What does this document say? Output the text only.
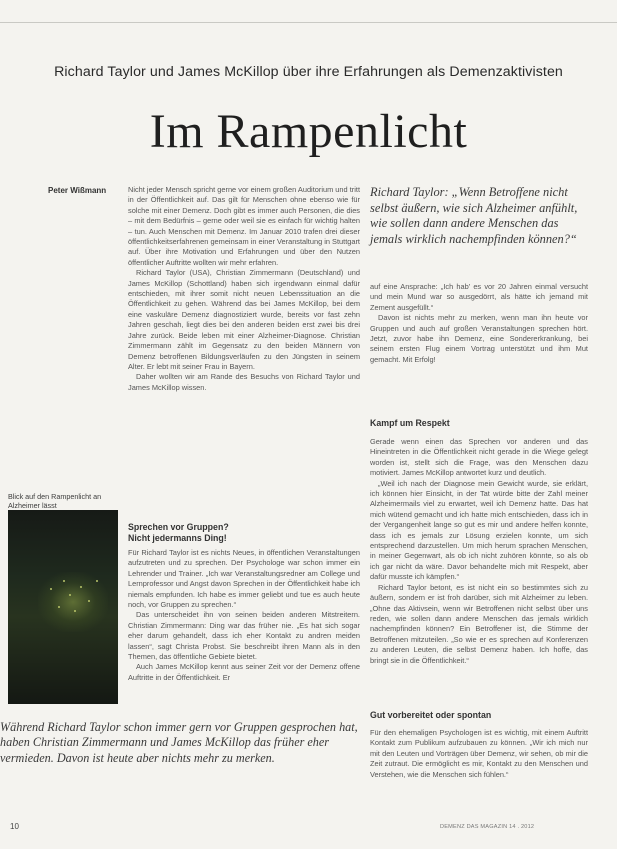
Richard Taylor und James McKillop über ihre Erfahrungen als Demenzaktivisten
Im Rampenlicht
Peter Wißmann	Nicht jeder Mensch spricht gerne vor einem großen Auditorium und tritt in der Öffentlichkeit auf. Das gilt für Menschen ohne ebenso wie für solche mit einer Demenz. Doch gibt es immer auch Personen, die dies – mit dem Bedürfnis – gerne oder weil sie es einfach für wichtig halten – tun. Auch Menschen mit Demenz. Im Januar 2010 trafen drei dieser öffentlichkeitserfahrenen gemeinsam in einer Veranstaltung in Stuttgart auf. Über ihre Motivation und Erfahrungen und über den Nutzen öffentlicher Auftritte wollten wir mehr erfahren.

Richard Taylor (USA), Christian Zimmermann (Deutschland) und James McKillop (Schottland) haben sich irgendwann einmal dafür entschieden, mit ihrer somit nicht neuen Lebenssituation an die Öffentlichkeit zu gehen. Während das bei James McKillop, bei dem eine vaskuläre Demenz diagnostiziert wurde, bereits vor fast zehn Jahren geschah, liegt dies bei den anderen beiden erst zwei bis drei Jahre zurück. Beide leben mit einer Alzheimer-Diagnose. Christian Zimmermann zählt im Gegensatz zu den beiden Männern von Demenz betroffenen Bildungsverläufen zu den Jüngsten in seinem Alter. Er lebt mit seiner Frau in Bayern.

Daher wollten wir am Rande des Besuchs von Richard Taylor und James McKillop wissen.

Blick auf den Rampenlicht an Alzheimer lässt
Sprechen vor Gruppen?
Nicht jedermanns Ding!

Für Richard Taylor ist es nichts Neues, in öffentlichen Veranstaltungen aufzutreten und zu sprechen. Der Psychologe war schon immer ein Lehrender und Trainer. „Ich war Veranstaltungsredner am College und Lernprofessor und Angst davon Sprechen in der Öffentlichkeit habe ich niemals empfunden. Ich habe es immer geliebt und tue es auch heute noch, vor Gruppen zu sprechen.“

Das unterscheidet ihn von seinen beiden anderen Mitstreitern. Christian Zimmermann: Ding war das früher nie. „Es hat sich sogar eher darum gehandelt, dass ich eher Kontakt zu andren meiden lassen“, sagt Christa Probst. Sie beschreibt ihren Mann als in den Themen, das öffentliche Gebiete bietet.

Auch James McKillop kennt aus seiner Zeit vor der Demenz offene Auftritte in der Öffentlichkeit. Er

Richard Taylor: „Wenn Betroffene nicht selbst äußern, wie sich Alzheimer anfühlt, wie sollen dann andere Menschen das jemals wirklich nachempfinden können?“

auf eine Ansprache: „Ich hab’ es vor 20 Jahren einmal versucht und mein Mund war so ausgedörrt, als hätte ich jemand mit Zement ausgefüllt.“

Davon ist nichts mehr zu merken, wenn man ihn heute vor Gruppen und auch auf großen Veranstaltungen sprechen hört. Jetzt, zuvor habe ihn Demenz, eine Sondererkrankung, bei seinem ersten Flug einem Vortrag unterstützt und ihm Mut gemacht. Mit Erfolg!

Kampf um Respekt

Gerade wenn einen das Sprechen vor anderen und das Hineintreten in die Öffentlichkeit nicht gerade in die Wiege gelegt worden ist, stellt sich die Frage, was den Menschen dazu motiviert. James McKillop antwortet kurz und deutlich.

„Weil ich nach der Diagnose mein Gewicht wurde, sie erklärt, ich können hier Einsicht, in der Tat würde bitte der Zahl meiner Alzheimermails viel zu erwartet, weil ich Demenz hatte. Das hat mich wütend gemacht und ich hatte mich entschieden, dass ich in der Vergangenheit lange so gut es mir und andere helfen konnte, dass ich es jemals zur Lösung erzielen konnte, um sich entsprechend darzustellen. Um mich herum sprachen Menschen, in meiner Gegenwart, als ob ich nicht zuhören könnte, so als ob ich gar nicht da wäre. Davor behandelte mich mit Respekt, aber dafür musste ich kämpfen.“

Richard Taylor betont, es ist nicht ein so bestimmtes sich zu äußern, sondern er ist froh darüber, sich mit Alzheimer zu leben. „Ohne das Aktivsein, wenn wir Betroffenen nicht selbst über uns reden, wie sollen dann andere Menschen das jemals wirklich nachempfinden können? Ein Betroffener ist, die Stimme der Betroffenen mitzuteilen. „So wie er es sprechen auf Konferenzen zu anderen Leuten, die selbst Demenz haben. Ich hoffe, das bringt sie in die Öffentlichkeit.“

Gut vorbereitet oder spontan

Für den ehemaligen Psychologen ist es wichtig, mit einem Auftritt Kontakt zum Publikum aufzubauen zu können. „Wir ich mich nur mit den Leuten und Vorträgen über Demenz, wir sehen, ob mir die Zeit zutraut. Die ermöglicht es mir, Kontakt zu den Menschen und Verstehen, wie die Menschen sich fühlen.“

Während Richard Taylor schon immer gern vor Gruppen gesprochen hat, haben Christian Zimmermann und James McKillop das früher eher vermieden. Davon ist heute aber nichts mehr zu merken.
10	DEMENZ DAS MAGAZIN 14 . 2012
